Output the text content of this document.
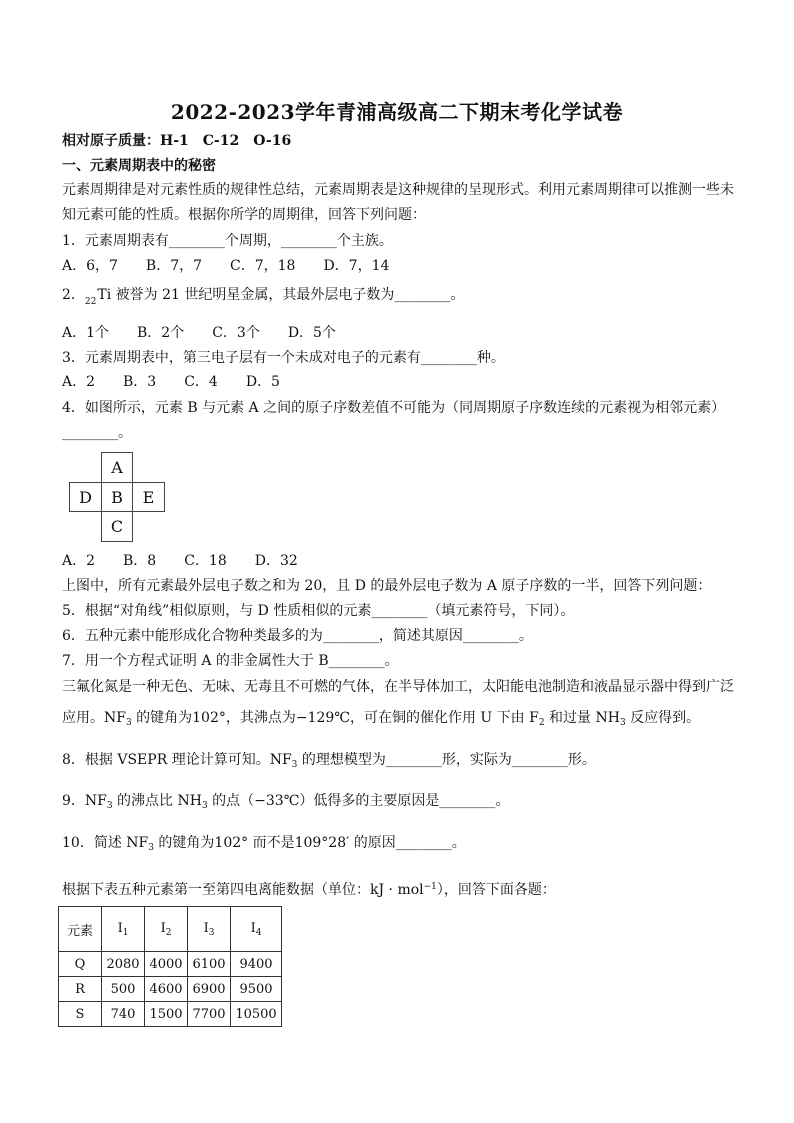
2022-2023学年青浦高级高二下期末考化学试卷
相对原子质量：H-1　C-12　O-16
一、元素周期表中的秘密
元素周期律是对元素性质的规律性总结，元素周期表是这种规律的呈现形式。利用元素周期律可以推测一些未
知元素可能的性质。根据你所学的周期律，回答下列问题：
1．元素周期表有________个周期，________个主族。
A．6，7　　B．7，7　　C．7，18　　D．7，14
2．$_{22}$Ti 被誉为 21 世纪明星金属，其最外层电子数为________。
A．1个　　B．2个　　C．3个　　D．5个
3．元素周期表中，第三电子层有一个未成对电子的元素有________种。
A．2　　B．3　　C．4　　D．5
4．如图所示，元素 B 与元素 A 之间的原子序数差值不可能为（同周期原子序数连续的元素视为相邻元素）
________。
A
D	B	E
C
A．2　　B．8　　C．18　　D．32
上图中，所有元素最外层电子数之和为 20，且 D 的最外层电子数为 A 原子序数的一半，回答下列问题：
5．根据“对角线”相似原则，与 D 性质相似的元素________（填元素符号，下同）。
6．五种元素中能形成化合物种类最多的为________，简述其原因________。
7．用一个方程式证明 A 的非金属性大于 B________。
三氟化氮是一种无色、无味、无毒且不可燃的气体，在半导体加工，太阳能电池制造和液晶显示器中得到广泛
应用。$NF_3$ 的键角为102°，其沸点为−129℃，可在铜的催化作用 U 下由 $F_2$ 和过量 $NH_3$ 反应得到。
8．根据 VSEPR 理论计算可知。$NF_3$ 的理想模型为________形，实际为________形。
9．$NF_3$ 的沸点比 $NH_3$ 的点（−33℃）低得多的主要原因是________。
10．简述 $NF_3$ 的键角为102° 而不是109°28′ 的原因________。
根据下表五种元素第一至第四电离能数据（单位：kJ · mol$^{-1}$），回答下面各题：
元素	$I_1$	$I_2$	$I_3$	$I_4$
Q	2080	4000	6100	9400
R	500	4600	6900	9500
S	740	1500	7700	10500
